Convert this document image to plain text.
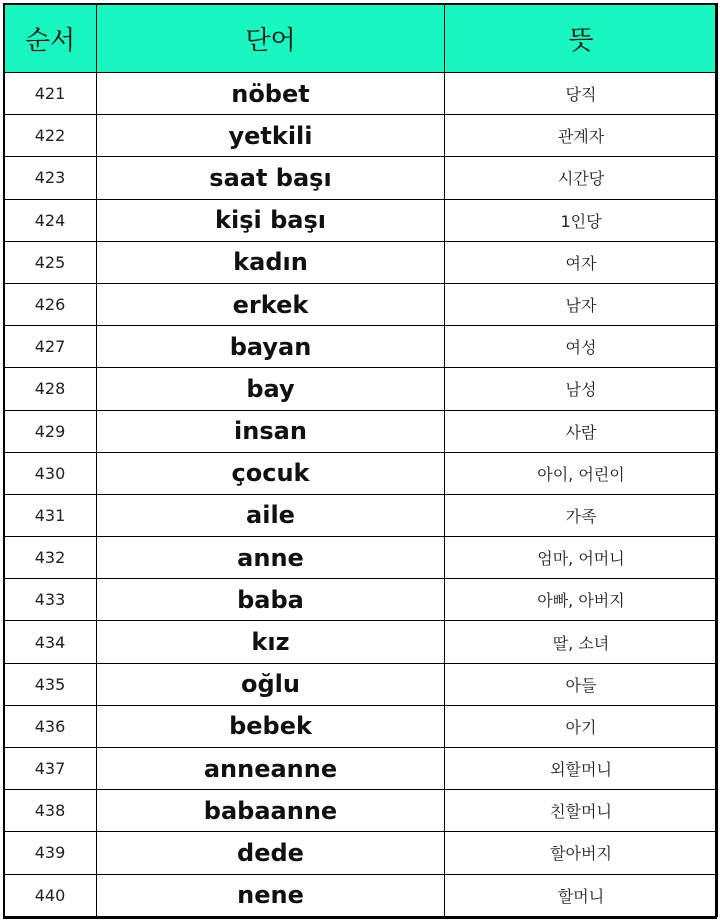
순서	단어	뜻
421	nöbet	당직
422	yetkili	관계자
423	saat başı	시간당
424	kişi başı	1인당
425	kadın	여자
426	erkek	남자
427	bayan	여성
428	bay	남성
429	insan	사람
430	çocuk	아이, 어린이
431	aile	가족
432	anne	엄마, 어머니
433	baba	아빠, 아버지
434	kız	딸, 소녀
435	oğlu	아들
436	bebek	아기
437	anneanne	외할머니
438	babaanne	친할머니
439	dede	할아버지
440	nene	할머니
